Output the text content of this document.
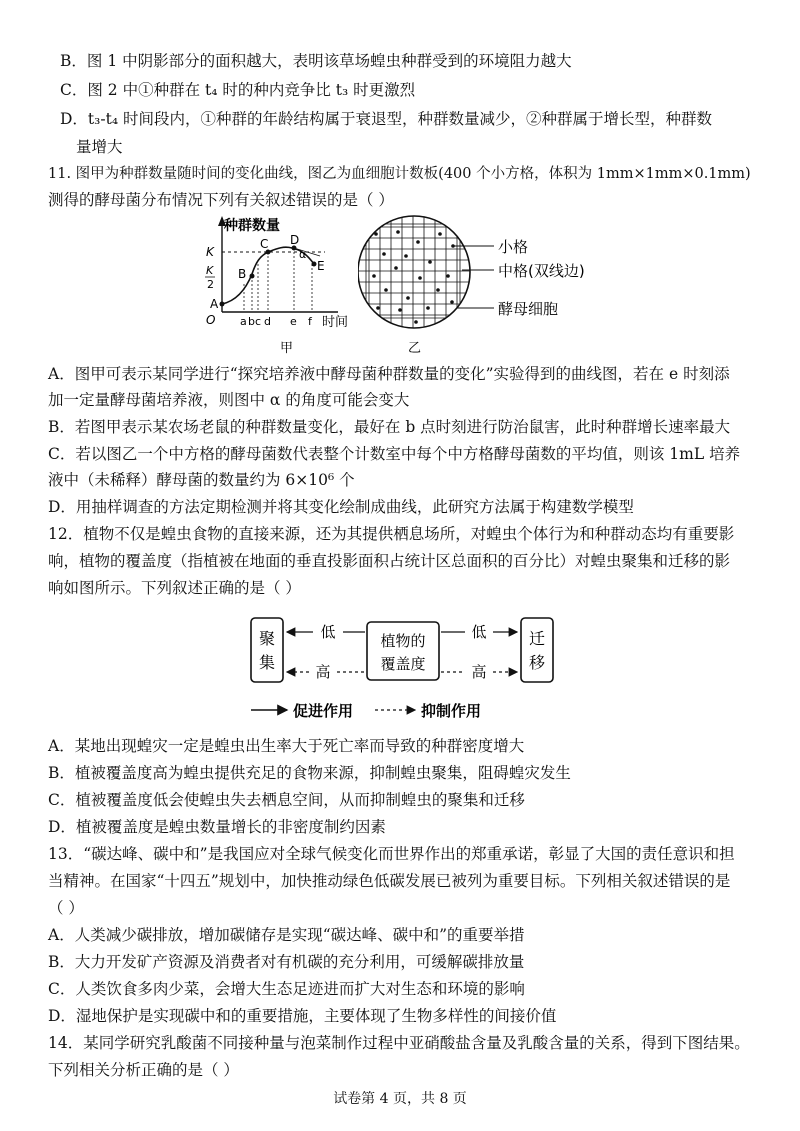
B．图 1 中阴影部分的面积越大，表明该草场蝗虫种群受到的环境阻力越大
C．图 2 中①种群在 t₄ 时的种内竞争比 t₃ 时更激烈
D．t₃-t₄ 时间段内，①种群的年龄结构属于衰退型，种群数量减少，②种群属于增长型，种群数
量增大
11. 图甲为种群数量随时间的变化曲线，图乙为血细胞计数板(400 个小方格，体积为 1mm×1mm×0.1mm)
测得的酵母菌分布情况下列有关叙述错误的是（ ）
种群数量
K
K
2
A
O
B
C D
E
α
a b c d e f 时间
甲
小格
中格(双线边)
酵母细胞
乙
A．图甲可表示某同学进行“探究培养液中酵母菌种群数量的变化”实验得到的曲线图，若在 e 时刻添
加一定量酵母菌培养液，则图中 α 的角度可能会变大
B．若图甲表示某农场老鼠的种群数量变化，最好在 b 点时刻进行防治鼠害，此时种群增长速率最大
C．若以图乙一个中方格的酵母菌数代表整个计数室中每个中方格酵母菌数的平均值，则该 1mL 培养
液中（未稀释）酵母菌的数量约为 6×10⁶ 个
D．用抽样调查的方法定期检测并将其变化绘制成曲线，此研究方法属于构建数学模型
12．植物不仅是蝗虫食物的直接来源，还为其提供栖息场所，对蝗虫个体行为和种群动态均有重要影
响，植物的覆盖度（指植被在地面的垂直投影面积占统计区总面积的百分比）对蝗虫聚集和迁移的影
响如图所示。下列叙述正确的是（ ）
聚
集
植物的
覆盖度
迁
移
低	低
高	高
促进作用	抑制作用
A．某地出现蝗灾一定是蝗虫出生率大于死亡率而导致的种群密度增大
B．植被覆盖度高为蝗虫提供充足的食物来源，抑制蝗虫聚集，阻碍蝗灾发生
C．植被覆盖度低会使蝗虫失去栖息空间，从而抑制蝗虫的聚集和迁移
D．植被覆盖度是蝗虫数量增长的非密度制约因素
13．“碳达峰、碳中和”是我国应对全球气候变化而世界作出的郑重承诺，彰显了大国的责任意识和担
当精神。在国家“十四五”规划中，加快推动绿色低碳发展已被列为重要目标。下列相关叙述错误的是
（ ）
A．人类减少碳排放，增加碳储存是实现“碳达峰、碳中和”的重要举措
B．大力开发矿产资源及消费者对有机碳的充分利用，可缓解碳排放量
C．人类饮食多肉少菜，会增大生态足迹进而扩大对生态和环境的影响
D．湿地保护是实现碳中和的重要措施，主要体现了生物多样性的间接价值
14．某同学研究乳酸菌不同接种量与泡菜制作过程中亚硝酸盐含量及乳酸含量的关系，得到下图结果。
下列相关分析正确的是（ ）
试卷第 4 页，共 8 页
